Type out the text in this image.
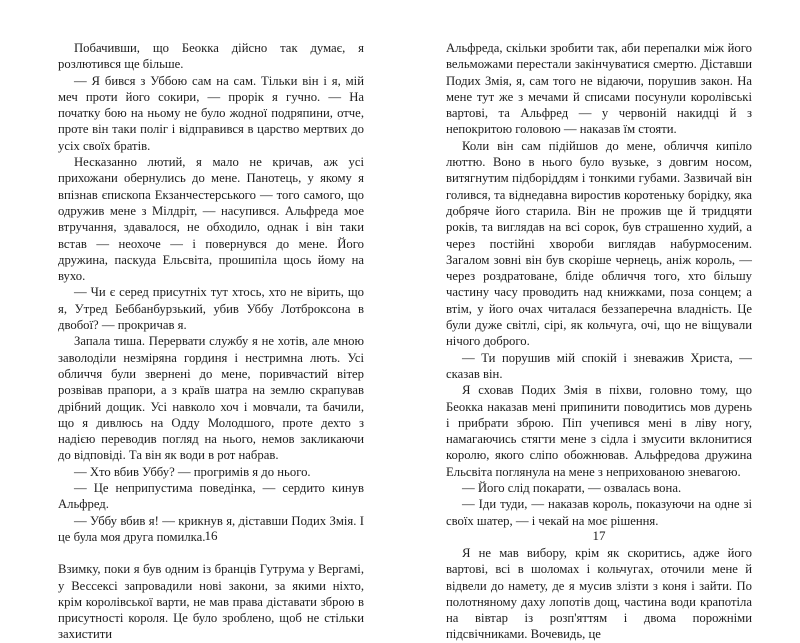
Побачивши, що Беокка дійсно так думає, я розлютився ще більше.

— Я бився з Уббою сам на сам. Тільки він і я, мій меч проти його сокири, — прорік я гучно. — На початку бою на ньому не було жодної подряпини, отче, проте він таки поліг і відправився в царство мертвих до усіх своїх братів.

Несказанно лютий, я мало не кричав, аж усі прихожани обернулись до мене. Панотець, у якому я впізнав єпископа Екзанчестерського — того самого, що одружив мене з Мілдріт, — насупився. Альфреда мое втручання, здавалося, не обходило, однак і він таки встав — неохоче — і повернувся до мене. Його дружина, паскуда Ельсвіта, прошипіла щось йому на вухо.

— Чи є серед присутніх тут хтось, хто не вірить, що я, Утред Беббанбурзький, убив Уббу Лотброксона в двобої? — прокричав я.

Запала тиша. Перервати службу я не хотів, але мною заволоділи незміряна гординя і нестримна лють. Усі обличчя були звернені до мене, поривчастий вітер розвівав прапори, а з країв шатра на землю скрапував дрібний дощик. Усі навколо хоч і мовчали, та бачили, що я дивлюсь на Одду Молодшого, проте дехто з надією переводив погляд на нього, немов закликаючи до відповіді. Та він як води в рот набрав.

— Хто вбив Уббу? — прогримів я до нього.

— Це неприпустима поведінка, — сердито кинув Альфред.

— Уббу вбив я! — крикнув я, діставши Подих Змія. І це була моя друга помилка.

Взимку, поки я був одним із бранців Гутрума у Вергамі, у Вессексі запровадили нові закони, за якими ніхто, крім королівської варти, не мав права діставати зброю в присутності короля. Це було зроблено, щоб не стільки захистити

16

Альфреда, скільки зробити так, аби перепалки між його вельможами перестали закінчуватися смертю. Діставши Подих Змія, я, сам того не відаючи, порушив закон. На мене тут же з мечами й списами посунули королівські вартові, та Альфред — у червоній накидці й з непокритою головою — наказав їм стояти.

Коли він сам підійшов до мене, обличчя кипіло люттю. Воно в нього було вузьке, з довгим носом, витягнутим підборіддям і тонкими губами. Зазвичай він голився, та віднедавна виростив коротеньку борідку, яка добряче його старила. Він не прожив ще й тридцяти років, та виглядав на всі сорок, був страшенно худий, а через постійні хвороби виглядав набурмосеним. Загалом зовні він був скоріше чернець, аніж король, — через роздратоване, бліде обличчя того, хто більшу частину часу проводить над книжками, поза сонцем; а втім, у його очах читалася беззаперечна владність. Це були дуже світлі, сірі, як кольчуга, очі, що не віщували нічого доброго.

— Ти порушив мій спокій і зневажив Христа, — сказав він.

Я сховав Подих Змія в піхви, головно тому, що Беокка наказав мені припинити поводитись мов дурень і прибрати зброю. Піп учепився мені в ліву ногу, намагаючись стягти мене з сідла і змусити вклонитися королю, якого сліпо обожнював. Альфредова дружина Ельсвіта поглянула на мене з неприхованою зневагою.

— Його слід покарати, — озвалась вона.

— Іди туди, — наказав король, показуючи на одне зі своїх шатер, — і чекай на моє рішення.

Я не мав вибору, крім як скоритись, адже його вартові, всі в шоломах і кольчугах, оточили мене й відвели до намету, де я мусив злізти з коня і зайти. По полотняному даху лопотів дощ, частина води крапотіла на вівтар із розп'яттям і двома порожніми підсвічниками. Вочевидь, це

17
